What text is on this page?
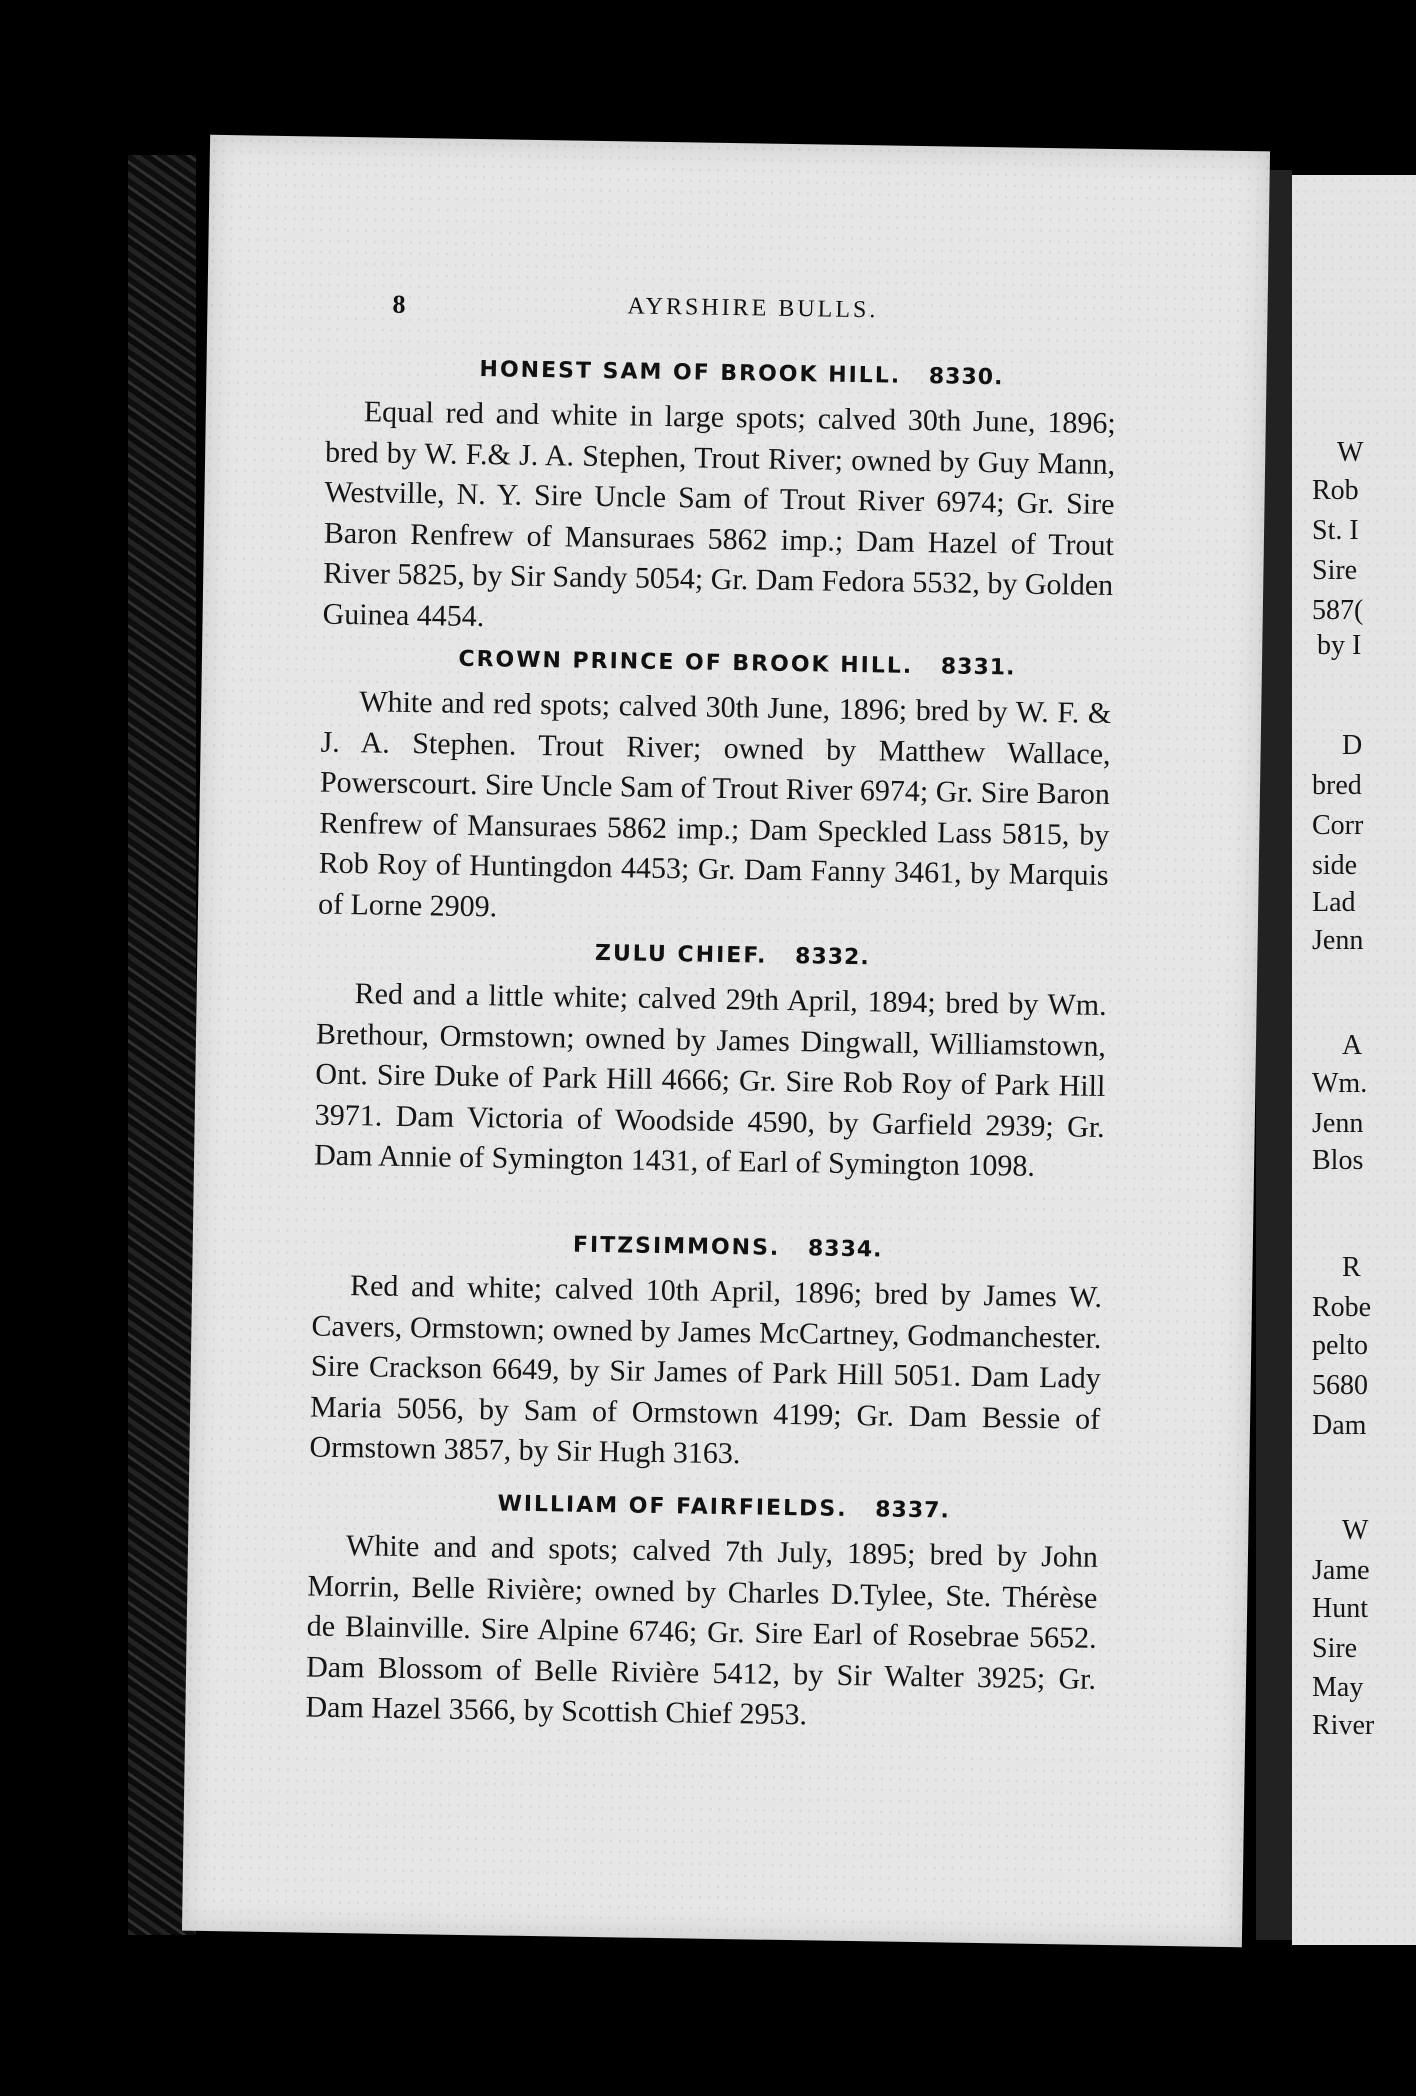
W
Rob
St. I
Sire
587(
by I
D
bred
Corr
side
Lad
Jenn
A
Wm.
Jenn
Blos
R
Robe
pelto
5680
Dam
W
Jame
Hunt
Sire
May
River
8	AYRSHIRE BULLS.
HONEST SAM OF BROOK HILL. 8330.
Equal red and white in large spots; calved 30th June, 1896; bred by W. F.& J. A. Stephen, Trout River; owned by Guy Mann, Westville, N. Y. Sire Uncle Sam of Trout River 6974; Gr. Sire Baron Renfrew of Mansuraes 5862 imp.; Dam Hazel of Trout River 5825, by Sir Sandy 5054; Gr. Dam Fedora 5532, by Golden Guinea 4454.
CROWN PRINCE OF BROOK HILL. 8331.
White and red spots; calved 30th June, 1896; bred by W. F. & J. A. Stephen. Trout River; owned by Matthew Wallace, Powerscourt. Sire Uncle Sam of Trout River 6974; Gr. Sire Baron Renfrew of Mansuraes 5862 imp.; Dam Speckled Lass 5815, by Rob Roy of Huntingdon 4453; Gr. Dam Fanny 3461, by Marquis of Lorne 2909.
ZULU CHIEF. 8332.
Red and a little white; calved 29th April, 1894; bred by Wm. Brethour, Ormstown; owned by James Dingwall, Williamstown, Ont. Sire Duke of Park Hill 4666; Gr. Sire Rob Roy of Park Hill 3971. Dam Victoria of Woodside 4590, by Garfield 2939; Gr. Dam Annie of Symington 1431, of Earl of Symington 1098.
FITZSIMMONS. 8334.
Red and white; calved 10th April, 1896; bred by James W. Cavers, Ormstown; owned by James McCartney, Godmanchester. Sire Crackson 6649, by Sir James of Park Hill 5051. Dam Lady Maria 5056, by Sam of Ormstown 4199; Gr. Dam Bessie of Ormstown 3857, by Sir Hugh 3163.
WILLIAM OF FAIRFIELDS. 8337.
White and and spots; calved 7th July, 1895; bred by John Morrin, Belle Rivière; owned by Charles D.Tylee, Ste. Thérèse de Blainville. Sire Alpine 6746; Gr. Sire Earl of Rosebrae 5652. Dam Blossom of Belle Rivière 5412, by Sir Walter 3925; Gr. Dam Hazel 3566, by Scottish Chief 2953.
